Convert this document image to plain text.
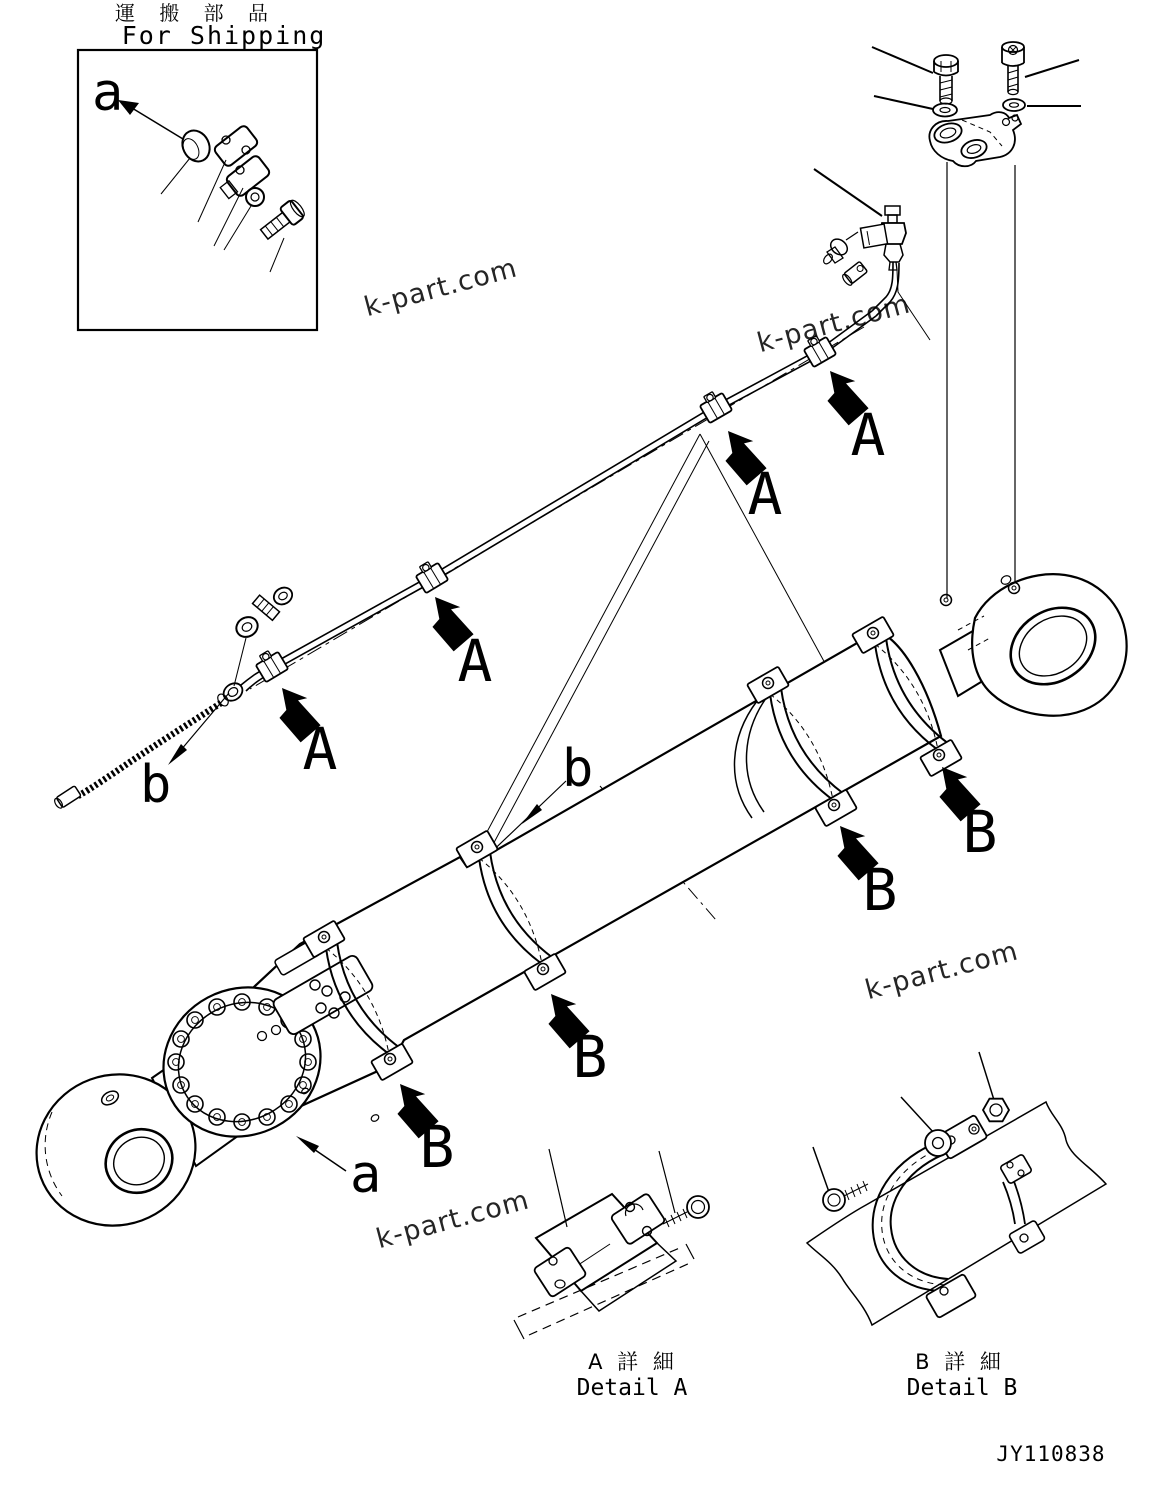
A
A
A
A
B
B
B
B
a
a
b	b
運 搬 部 品
For Shipping
A 詳 細
Detail A
B 詳 細
Detail B
k-part.com
k-part.com
k-part.com
k-part.com
JY110838
